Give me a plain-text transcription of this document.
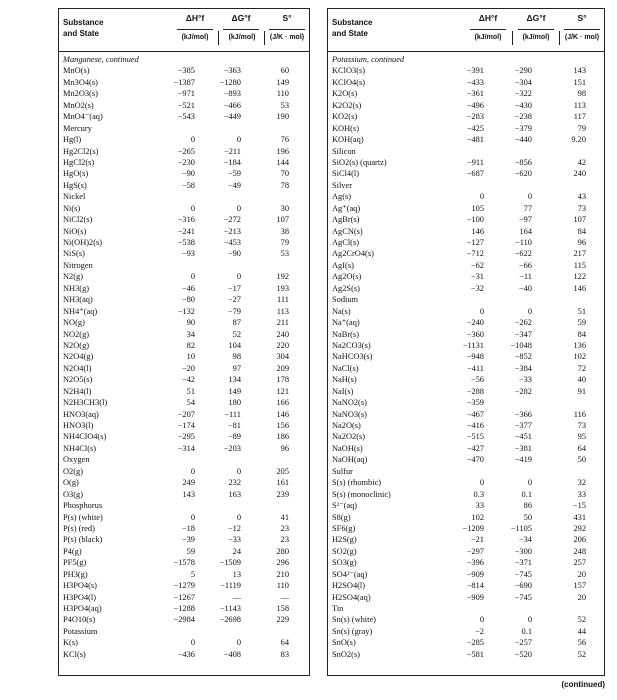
Substance
and State
ΔH°f	ΔG°f	S°
(kJ/mol)	(kJ/mol)	(J/K · mol)
Manganese, continued
MnO(s)	−385	−363	60
Mn3O4(s)	−1387	−1280	149
Mn2O3(s)	−971	−893	110
MnO2(s)	−521	−466	53
MnO4⁻(aq)	−543	−449	190
Mercury
Hg(l)	0	0	76
Hg2Cl2(s)	−265	−211	196
HgCl2(s)	−230	−184	144
HgO(s)	−90	−59	70
HgS(s)	−58	−49	78
Nickel
Ni(s)	0	0	30
NiCl2(s)	−316	−272	107
NiO(s)	−241	−213	38
Ni(OH)2(s)	−538	−453	79
NiS(s)	−93	−90	53
Nitrogen
N2(g)	0	0	192
NH3(g)	−46	−17	193
NH3(aq)	−80	−27	111
NH4⁺(aq)	−132	−79	113
NO(g)	90	87	211
NO2(g)	34	52	240
N2O(g)	82	104	220
N2O4(g)	10	98	304
N2O4(l)	−20	97	209
N2O5(s)	−42	134	178
N2H4(l)	51	149	121
N2H3CH3(l)	54	180	166
HNO3(aq)	−207	−111	146
HNO3(l)	−174	−81	156
NH4ClO4(s)	−295	−89	186
NH4Cl(s)	−314	−203	96
Oxygen
O2(g)	0	0	205
O(g)	249	232	161
O3(g)	143	163	239
Phosphorus
P(s) (white)	0	0	41
P(s) (red)	−18	−12	23
P(s) (black)	−39	−33	23
P4(g)	59	24	280
PF5(g)	−1578	−1509	296
PH3(g)	5	13	210
H3PO4(s)	−1279	−1119	110
H3PO4(l)	−1267	—	—
H3PO4(aq)	−1288	−1143	158
P4O10(s)	−2984	−2698	229
Potassium
K(s)	0	0	64
KCl(s)	−436	−408	83
Substance
and State
ΔH°f	ΔG°f	S°
(kJ/mol)	(kJ/mol)	(J/K · mol)
Potassium, continued
KClO3(s)	−391	−290	143
KClO4(s)	−433	−304	151
K2O(s)	−361	−322	98
K2O2(s)	−496	−430	113
KO2(s)	−283	−238	117
KOH(s)	−425	−379	79
KOH(aq)	−481	−440	9.20
Silicon
SiO2(s) (quartz)	−911	−856	42
SiCl4(l)	−687	−620	240
Silver
Ag(s)	0	0	43
Ag⁺(aq)	105	77	73
AgBr(s)	−100	−97	107
AgCN(s)	146	164	84
AgCl(s)	−127	−110	96
Ag2CrO4(s)	−712	−622	217
AgI(s)	−62	−66	115
Ag2O(s)	−31	−11	122
Ag2S(s)	−32	−40	146
Sodium
Na(s)	0	0	51
Na⁺(aq)	−240	−262	59
NaBr(s)	−360	−347	84
Na2CO3(s)	−1131	−1048	136
NaHCO3(s)	−948	−852	102
NaCl(s)	−411	−384	72
NaH(s)	−56	−33	40
NaI(s)	−288	−282	91
NaNO2(s)	−359
NaNO3(s)	−467	−366	116
Na2O(s)	−416	−377	73
Na2O2(s)	−515	−451	95
NaOH(s)	−427	−381	64
NaOH(aq)	−470	−419	50
Sulfur
S(s) (rhombic)	0	0	32
S(s) (monoclinic)	0.3	0.1	33
S²⁻(aq)	33	86	−15
S8(g)	102	50	431
SF6(g)	−1209	−1105	292
H2S(g)	−21	−34	206
SO2(g)	−297	−300	248
SO3(g)	−396	−371	257
SO4²⁻(aq)	−909	−745	20
H2SO4(l)	−814	−690	157
H2SO4(aq)	−909	−745	20
Tin
Sn(s) (white)	0	0	52
Sn(s) (gray)	−2	0.1	44
SnO(s)	−285	−257	56
SnO2(s)	−581	−520	52
(continued)
